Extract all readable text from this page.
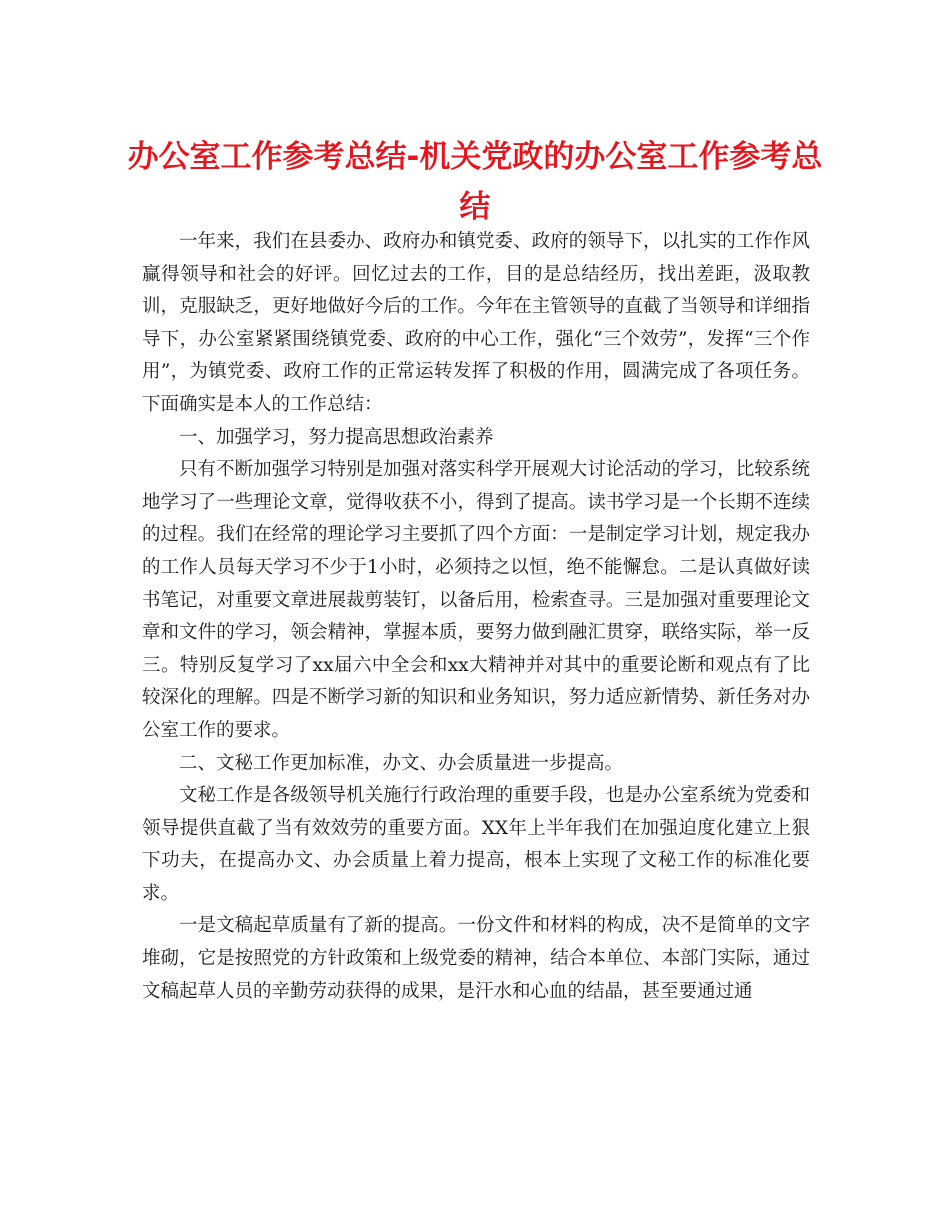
办公室工作参考总结-机关党政的办公室工作参考总结

一年来，我们在县委办、政府办和镇党委、政府的领导下，以扎实的工作作风赢得领导和社会的好评。回忆过去的工作，目的是总结经历，找出差距，汲取教训，克服缺乏，更好地做好今后的工作。今年在主管领导的直截了当领导和详细指导下，办公室紧紧围绕镇党委、政府的中心工作，强化“三个效劳”，发挥“三个作用”，为镇党委、政府工作的正常运转发挥了积极的作用，圆满完成了各项任务。下面确实是本人的工作总结：

一、加强学习，努力提高思想政治素养

只有不断加强学习特别是加强对落实科学开展观大讨论活动的学习，比较系统地学习了一些理论文章，觉得收获不小，得到了提高。读书学习是一个长期不连续的过程。我们在经常的理论学习主要抓了四个方面：一是制定学习计划，规定我办的工作人员每天学习不少于1小时，必须持之以恒，绝不能懈怠。二是认真做好读书笔记，对重要文章进展裁剪装钉，以备后用，检索查寻。三是加强对重要理论文章和文件的学习，领会精神，掌握本质，要努力做到融汇贯穿，联络实际，举一反三。特别反复学习了xx届六中全会和xx大精神并对其中的重要论断和观点有了比较深化的理解。四是不断学习新的知识和业务知识，努力适应新情势、新任务对办公室工作的要求。

二、文秘工作更加标准，办文、办会质量进一步提高。

文秘工作是各级领导机关施行行政治理的重要手段，也是办公室系统为党委和领导提供直截了当有效效劳的重要方面。XX年上半年我们在加强迫度化建立上狠下功夫，在提高办文、办会质量上着力提高，根本上实现了文秘工作的标准化要求。

一是文稿起草质量有了新的提高。一份文件和材料的构成，决不是简单的文字堆砌，它是按照党的方针政策和上级党委的精神，结合本单位、本部门实际，通过文稿起草人员的辛勤劳动获得的成果，是汗水和心血的结晶，甚至要通过通
